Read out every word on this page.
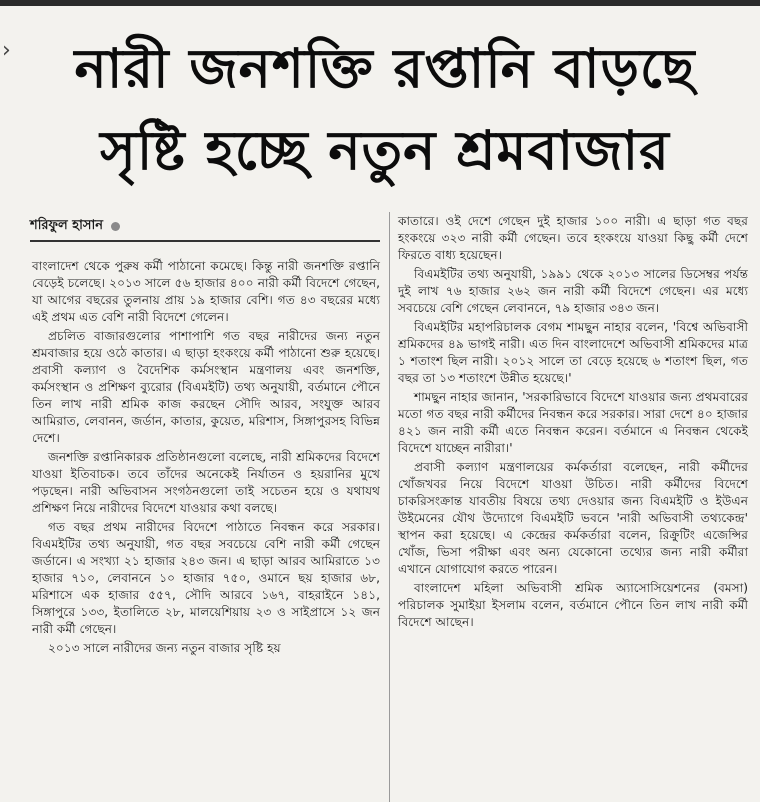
›	নারী জনশক্তি রপ্তানি বাড়ছে
সৃষ্টি হচ্ছে নতুন শ্রমবাজার
শরিফুল হাসান

বাংলাদেশ থেকে পুরুষ কর্মী পাঠানো কমেছে। কিন্তু নারী জনশক্তি রপ্তানি বেড়েই চলেছে। ২০১৩ সালে ৫৬ হাজার ৪০০ নারী কর্মী বিদেশে গেছেন, যা আগের বছরের তুলনায় প্রায় ১৯ হাজার বেশি। গত ৪৩ বছরের মধ্যে এই প্রথম এত বেশি নারী বিদেশে গেলেন।

প্রচলিত বাজারগুলোর পাশাপাশি গত বছর নারীদের জন্য নতুন শ্রমবাজার হয়ে ওঠে কাতার। এ ছাড়া হংকংয়ে কর্মী পাঠানো শুরু হয়েছে। প্রবাসী কল্যাণ ও বৈদেশিক কর্মসংস্থান মন্ত্রণালয় এবং জনশক্তি, কর্মসংস্থান ও প্রশিক্ষণ ব্যুরোর (বিএমইটি) তথ্য অনুযায়ী, বর্তমানে পৌনে তিন লাখ নারী শ্রমিক কাজ করছেন সৌদি আরব, সংযুক্ত আরব আমিরাত, লেবানন, জর্ডান, কাতার, কুয়েত, মরিশাস, সিঙ্গাপুরসহ বিভিন্ন দেশে।

জনশক্তি রপ্তানিকারক প্রতিষ্ঠানগুলো বলেছে, নারী শ্রমিকদের বিদেশে যাওয়া ইতিবাচক। তবে তাঁদের অনেকেই নির্যাতন ও হয়রানির মুখে পড়ছেন। নারী অভিবাসন সংগঠনগুলো তাই সচেতন হয়ে ও যথাযথ প্রশিক্ষণ নিয়ে নারীদের বিদেশে যাওয়ার কথা বলছে।

গত বছর প্রথম নারীদের বিদেশে পাঠাতে নিবন্ধন করে সরকার। বিএমইটির তথ্য অনুযায়ী, গত বছর সবচেয়ে বেশি নারী কর্মী গেছেন জর্ডানে। এ সংখ্যা ২১ হাজার ২৪৩ জন। এ ছাড়া আরব আমিরাতে ১৩ হাজার ৭১০, লেবাননে ১০ হাজার ৭৫০, ওমানে ছয় হাজার ৬৮, মরিশাসে এক হাজার ৫৫৭, সৌদি আরবে ১৬৭, বাহরাইনে ১৪১, সিঙ্গাপুরে ১৩৩, ইতালিতে ২৮, মালয়েশিয়ায় ২৩ ও সাইপ্রাসে ১২ জন নারী কর্মী গেছেন।

২০১৩ সালে নারীদের জন্য নতুন বাজার সৃষ্টি হয়

কাতারে। ওই দেশে গেছেন দুই হাজার ১০০ নারী। এ ছাড়া গত বছর হংকংয়ে ৩২৩ নারী কর্মী গেছেন। তবে হংকংয়ে যাওয়া কিছু কর্মী দেশে ফিরতে বাধ্য হয়েছেন।

বিএমইটির তথ্য অনুযায়ী, ১৯৯১ থেকে ২০১৩ সালের ডিসেম্বর পর্যন্ত দুই লাখ ৭৬ হাজার ২৬২ জন নারী কর্মী বিদেশে গেছেন। এর মধ্যে সবচেয়ে বেশি গেছেন লেবাননে, ৭৯ হাজার ৩৪৩ জন।

বিএমইটির মহাপরিচালক বেগম শামছুন নাহার বলেন, 'বিশ্বে অভিবাসী শ্রমিকদের ৪৯ ভাগই নারী। এত দিন বাংলাদেশে অভিবাসী শ্রমিকদের মাত্র ১ শতাংশ ছিল নারী। ২০১২ সালে তা বেড়ে হয়েছে ৬ শতাংশ ছিল, গত বছর তা ১৩ শতাংশে উন্নীত হয়েছে।'

শামছুন নাহার জানান, 'সরকারিভাবে বিদেশে যাওয়ার জন্য প্রথমবারের মতো গত বছর নারী কর্মীদের নিবন্ধন করে সরকার। সারা দেশে ৪০ হাজার ৪২১ জন নারী কর্মী এতে নিবন্ধন করেন। বর্তমানে এ নিবন্ধন থেকেই বিদেশে যাচ্ছেন নারীরা।'

প্রবাসী কল্যাণ মন্ত্রণালয়ের কর্মকর্তারা বলেছেন, নারী কর্মীদের খোঁজখবর নিয়ে বিদেশে যাওয়া উচিত। নারী কর্মীদের বিদেশে চাকরিসংক্রান্ত যাবতীয় বিষয়ে তথ্য দেওয়ার জন্য বিএমইটি ও ইউএন উইমেনের যৌথ উদ্যোগে বিএমইটি ভবনে 'নারী অভিবাসী তথ্যকেন্দ্র' স্থাপন করা হয়েছে। এ কেন্দ্রের কর্মকর্তারা বলেন, রিক্রুটিং এজেন্সির খোঁজ, ভিসা পরীক্ষা এবং অন্য যেকোনো তথ্যের জন্য নারী কর্মীরা এখানে যোগাযোগ করতে পারেন।

বাংলাদেশ মহিলা অভিবাসী শ্রমিক অ্যাসোসিয়েশনের (বমসা) পরিচালক সুমাইয়া ইসলাম বলেন, বর্তমানে পৌনে তিন লাখ নারী কর্মী বিদেশে আছেন।
